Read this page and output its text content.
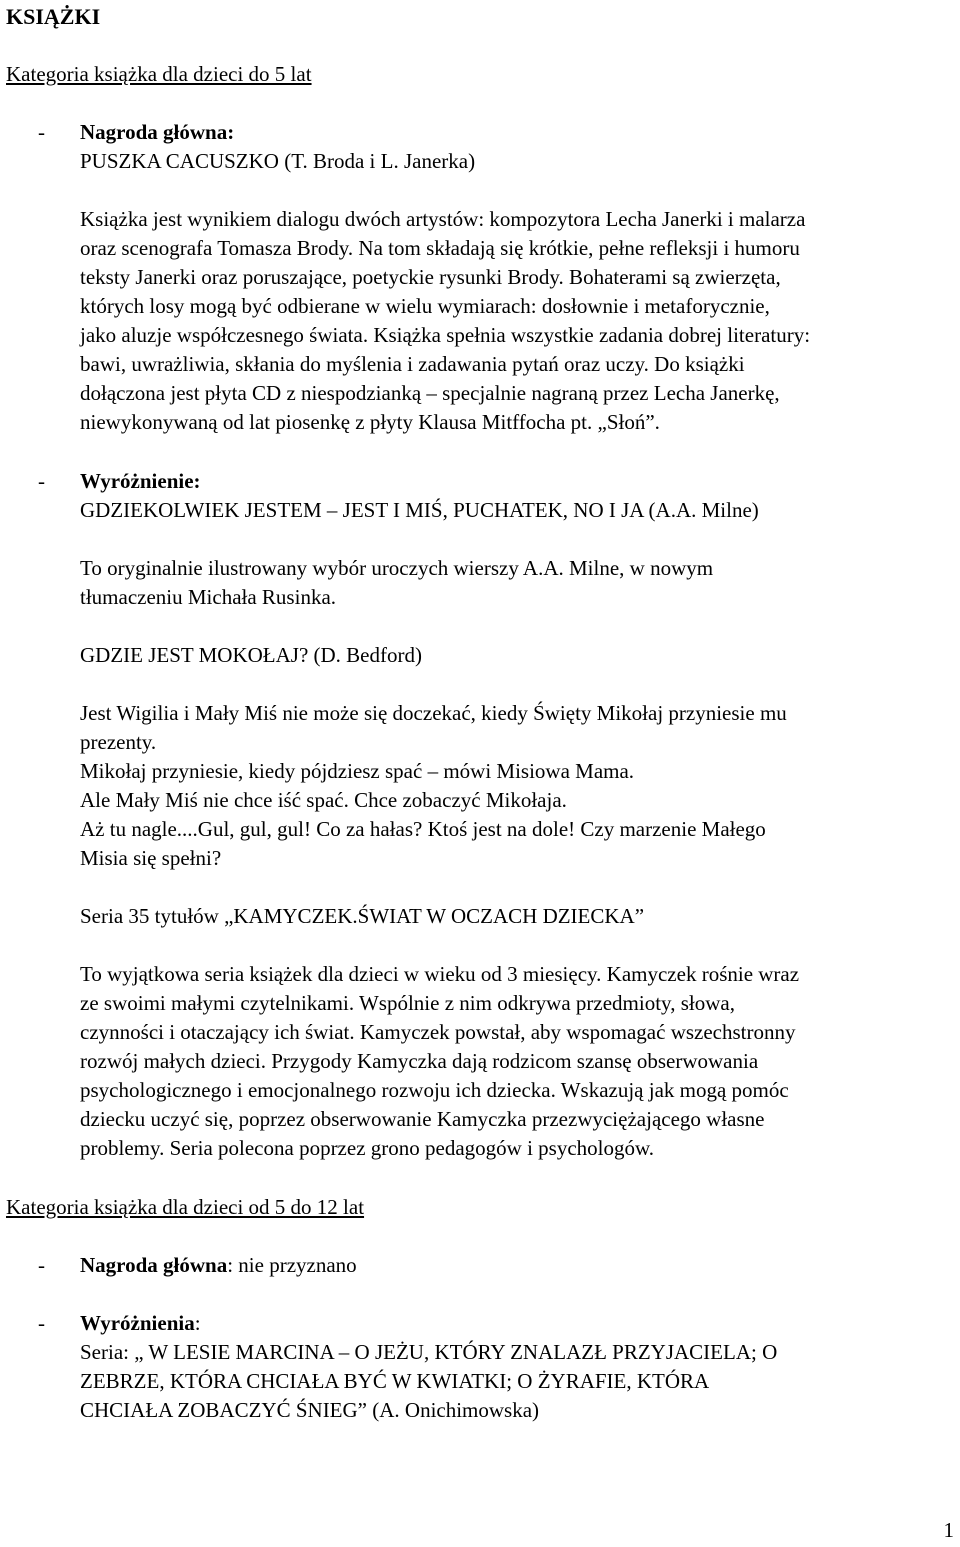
KSIĄŻKI
Kategoria książka dla dzieci do 5 lat
- Nagroda główna:
PUSZKA CACUSZKO (T. Broda i L. Janerka)
Książka jest wynikiem dialogu dwóch artystów: kompozytora Lecha Janerki i malarza
oraz scenografa Tomasza Brody. Na tom składają się krótkie, pełne refleksji i humoru
teksty Janerki oraz poruszające, poetyckie rysunki Brody. Bohaterami są zwierzęta,
których losy mogą być odbierane w wielu wymiarach: dosłownie i metaforycznie,
jako aluzje współczesnego świata. Książka spełnia wszystkie zadania dobrej literatury:
bawi, uwrażliwia, skłania do myślenia i zadawania pytań oraz uczy. Do książki
dołączona jest płyta CD z niespodzianką – specjalnie nagraną przez Lecha Janerkę,
niewykonywaną od lat piosenkę z płyty Klausa Mitffocha pt. „Słoń”.
- Wyróżnienie:
GDZIEKOLWIEK JESTEM – JEST I MIŚ, PUCHATEK, NO I JA (A.A. Milne)
To oryginalnie ilustrowany wybór uroczych wierszy A.A. Milne, w nowym
tłumaczeniu Michała Rusinka.
GDZIE JEST MOKOŁAJ? (D. Bedford)
Jest Wigilia i Mały Miś nie może się doczekać, kiedy Święty Mikołaj przyniesie mu
prezenty.
Mikołaj przyniesie, kiedy pójdziesz spać – mówi Misiowa Mama.
Ale Mały Miś nie chce iść spać. Chce zobaczyć Mikołaja.
Aż tu nagle....Gul, gul, gul! Co za hałas? Ktoś jest na dole! Czy marzenie Małego
Misia się spełni?
Seria 35 tytułów „KAMYCZEK.ŚWIAT W OCZACH DZIECKA”
To wyjątkowa seria książek dla dzieci w wieku od 3 miesięcy. Kamyczek rośnie wraz
ze swoimi małymi czytelnikami. Wspólnie z nim odkrywa przedmioty, słowa,
czynności i otaczający ich świat. Kamyczek powstał, aby wspomagać wszechstronny
rozwój małych dzieci. Przygody Kamyczka dają rodzicom szansę obserwowania
psychologicznego i emocjonalnego rozwoju ich dziecka. Wskazują jak mogą pomóc
dziecku uczyć się, poprzez obserwowanie Kamyczka przezwyciężającego własne
problemy. Seria polecona poprzez grono pedagogów i psychologów.
Kategoria książka dla dzieci od 5 do 12 lat
- Nagroda główna: nie przyznano
- Wyróżnienia:
Seria: „ W LESIE MARCINA – O JEŻU, KTÓRY ZNALAZŁ PRZYJACIELA; O
ZEBRZE, KTÓRA CHCIAŁA BYĆ W KWIATKI; O ŻYRAFIE, KTÓRA
CHCIAŁA ZOBACZYĆ ŚNIEG” (A. Onichimowska)
1
